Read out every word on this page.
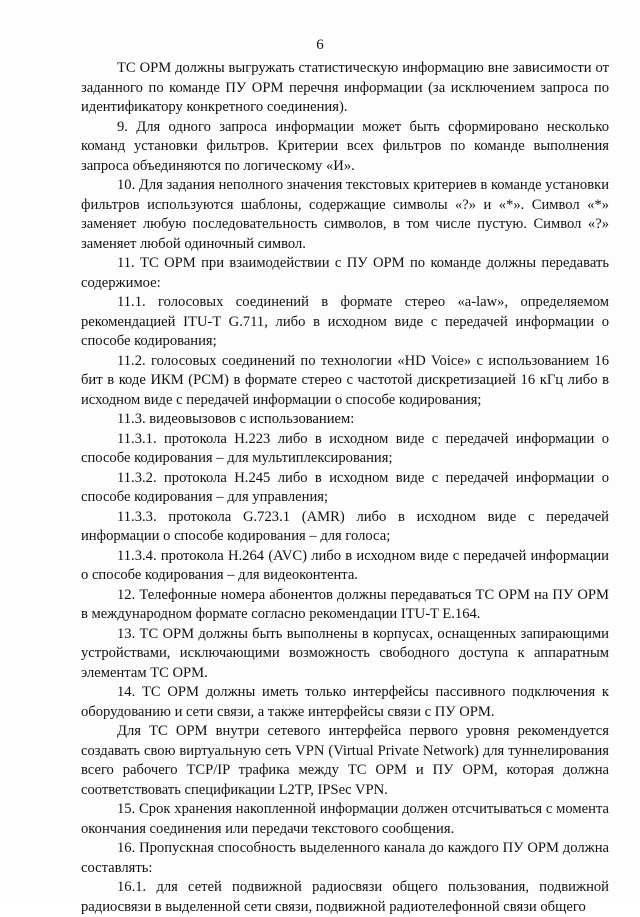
6

ТС ОРМ должны выгружать статистическую информацию вне зависимости от заданного по команде ПУ ОРМ перечня информации (за исключением запроса по идентификатору конкретного соединения).

9. Для одного запроса информации может быть сформировано несколько команд установки фильтров. Критерии всех фильтров по команде выполнения запроса объединяются по логическому «И».

10. Для задания неполного значения текстовых критериев в команде установки фильтров используются шаблоны, содержащие символы «?» и «*». Символ «*» заменяет любую последовательность символов, в том числе пустую. Символ «?» заменяет любой одиночный символ.

11. ТС ОРМ при взаимодействии с ПУ ОРМ по команде должны передавать содержимое:

11.1. голосовых соединений в формате стерео «a-law», определяемом рекомендацией ITU-T G.711, либо в исходном виде с передачей информации о способе кодирования;

11.2. голосовых соединений по технологии «HD Voice» с использованием 16 бит в коде ИКМ (PCM) в формате стерео с частотой дискретизацией 16 кГц либо в исходном виде с передачей информации о способе кодирования;

11.3. видеовызовов с использованием:

11.3.1. протокола H.223 либо в исходном виде с передачей информации о способе кодирования – для мультиплексирования;

11.3.2. протокола H.245 либо в исходном виде с передачей информации о способе кодирования – для управления;

11.3.3. протокола G.723.1 (AMR) либо в исходном виде с передачей информации о способе кодирования – для голоса;

11.3.4. протокола H.264 (AVC) либо в исходном виде с передачей информации о способе кодирования – для видеоконтента.

12. Телефонные номера абонентов должны передаваться ТС ОРМ на ПУ ОРМ в международном формате согласно рекомендации ITU-T E.164.

13. ТС ОРМ должны быть выполнены в корпусах, оснащенных запирающими устройствами, исключающими возможность свободного доступа к аппаратным элементам ТС ОРМ.

14. ТС ОРМ должны иметь только интерфейсы пассивного подключения к оборудованию и сети связи, а также интерфейсы связи с ПУ ОРМ.

Для ТС ОРМ внутри сетевого интерфейса первого уровня рекомендуется создавать свою виртуальную сеть VPN (Virtual Private Network) для туннелирования всего рабочего TCP/IP трафика между ТС ОРМ и ПУ ОРМ, которая должна соответствовать спецификации L2TP, IPSec VPN.

15. Срок хранения накопленной информации должен отсчитываться с момента окончания соединения или передачи текстового сообщения.

16. Пропускная способность выделенного канала до каждого ПУ ОРМ должна составлять:

16.1. для сетей подвижной радиосвязи общего пользования, подвижной радиосвязи в выделенной сети связи, подвижной радиотелефонной связи общего
